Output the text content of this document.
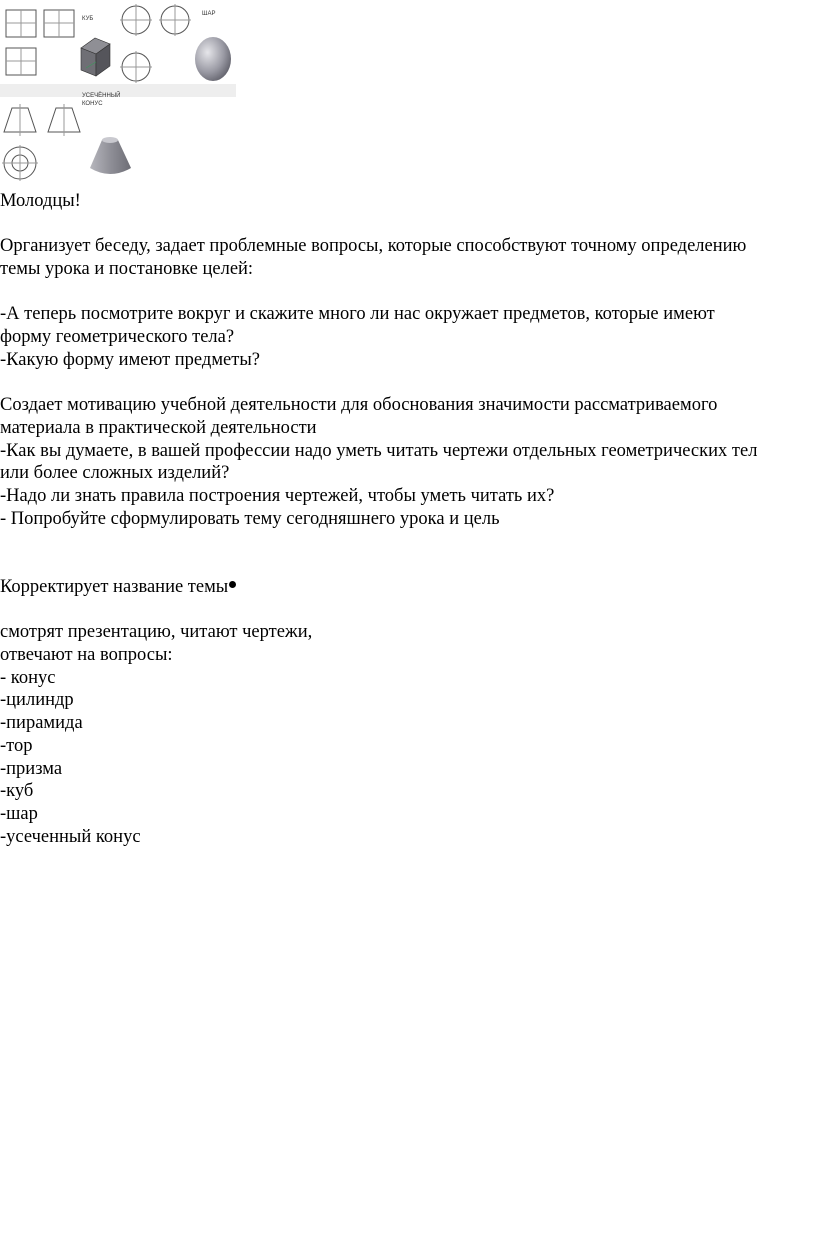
КУБ
ШАР
УСЕЧЁННЫЙ
КОНУС

Молодцы!

Организует беседу, задает проблемные вопросы, которые способствуют точному определению

темы урока и постановке целей:

-А теперь посмотрите вокруг и скажите много ли нас окружает предметов, которые имеют

форму геометрического тела?

-Какую форму имеют предметы?

Создает мотивацию учебной деятельности для обоснования значимости рассматриваемого

материала в практической деятельности

-Как вы думаете, в вашей профессии надо уметь читать чертежи отдельных геометрических тел

или более сложных изделий?

-Надо ли знать правила построения чертежей, чтобы уметь читать их?

- Попробуйте сформулировать тему сегодняшнего урока и цель

Корректирует название темы

смотрят презентацию, читают чертежи,

отвечают на вопросы:

- конус

-цилиндр

-пирамида

-тор

-призма

-куб

-шар

-усеченный конус
